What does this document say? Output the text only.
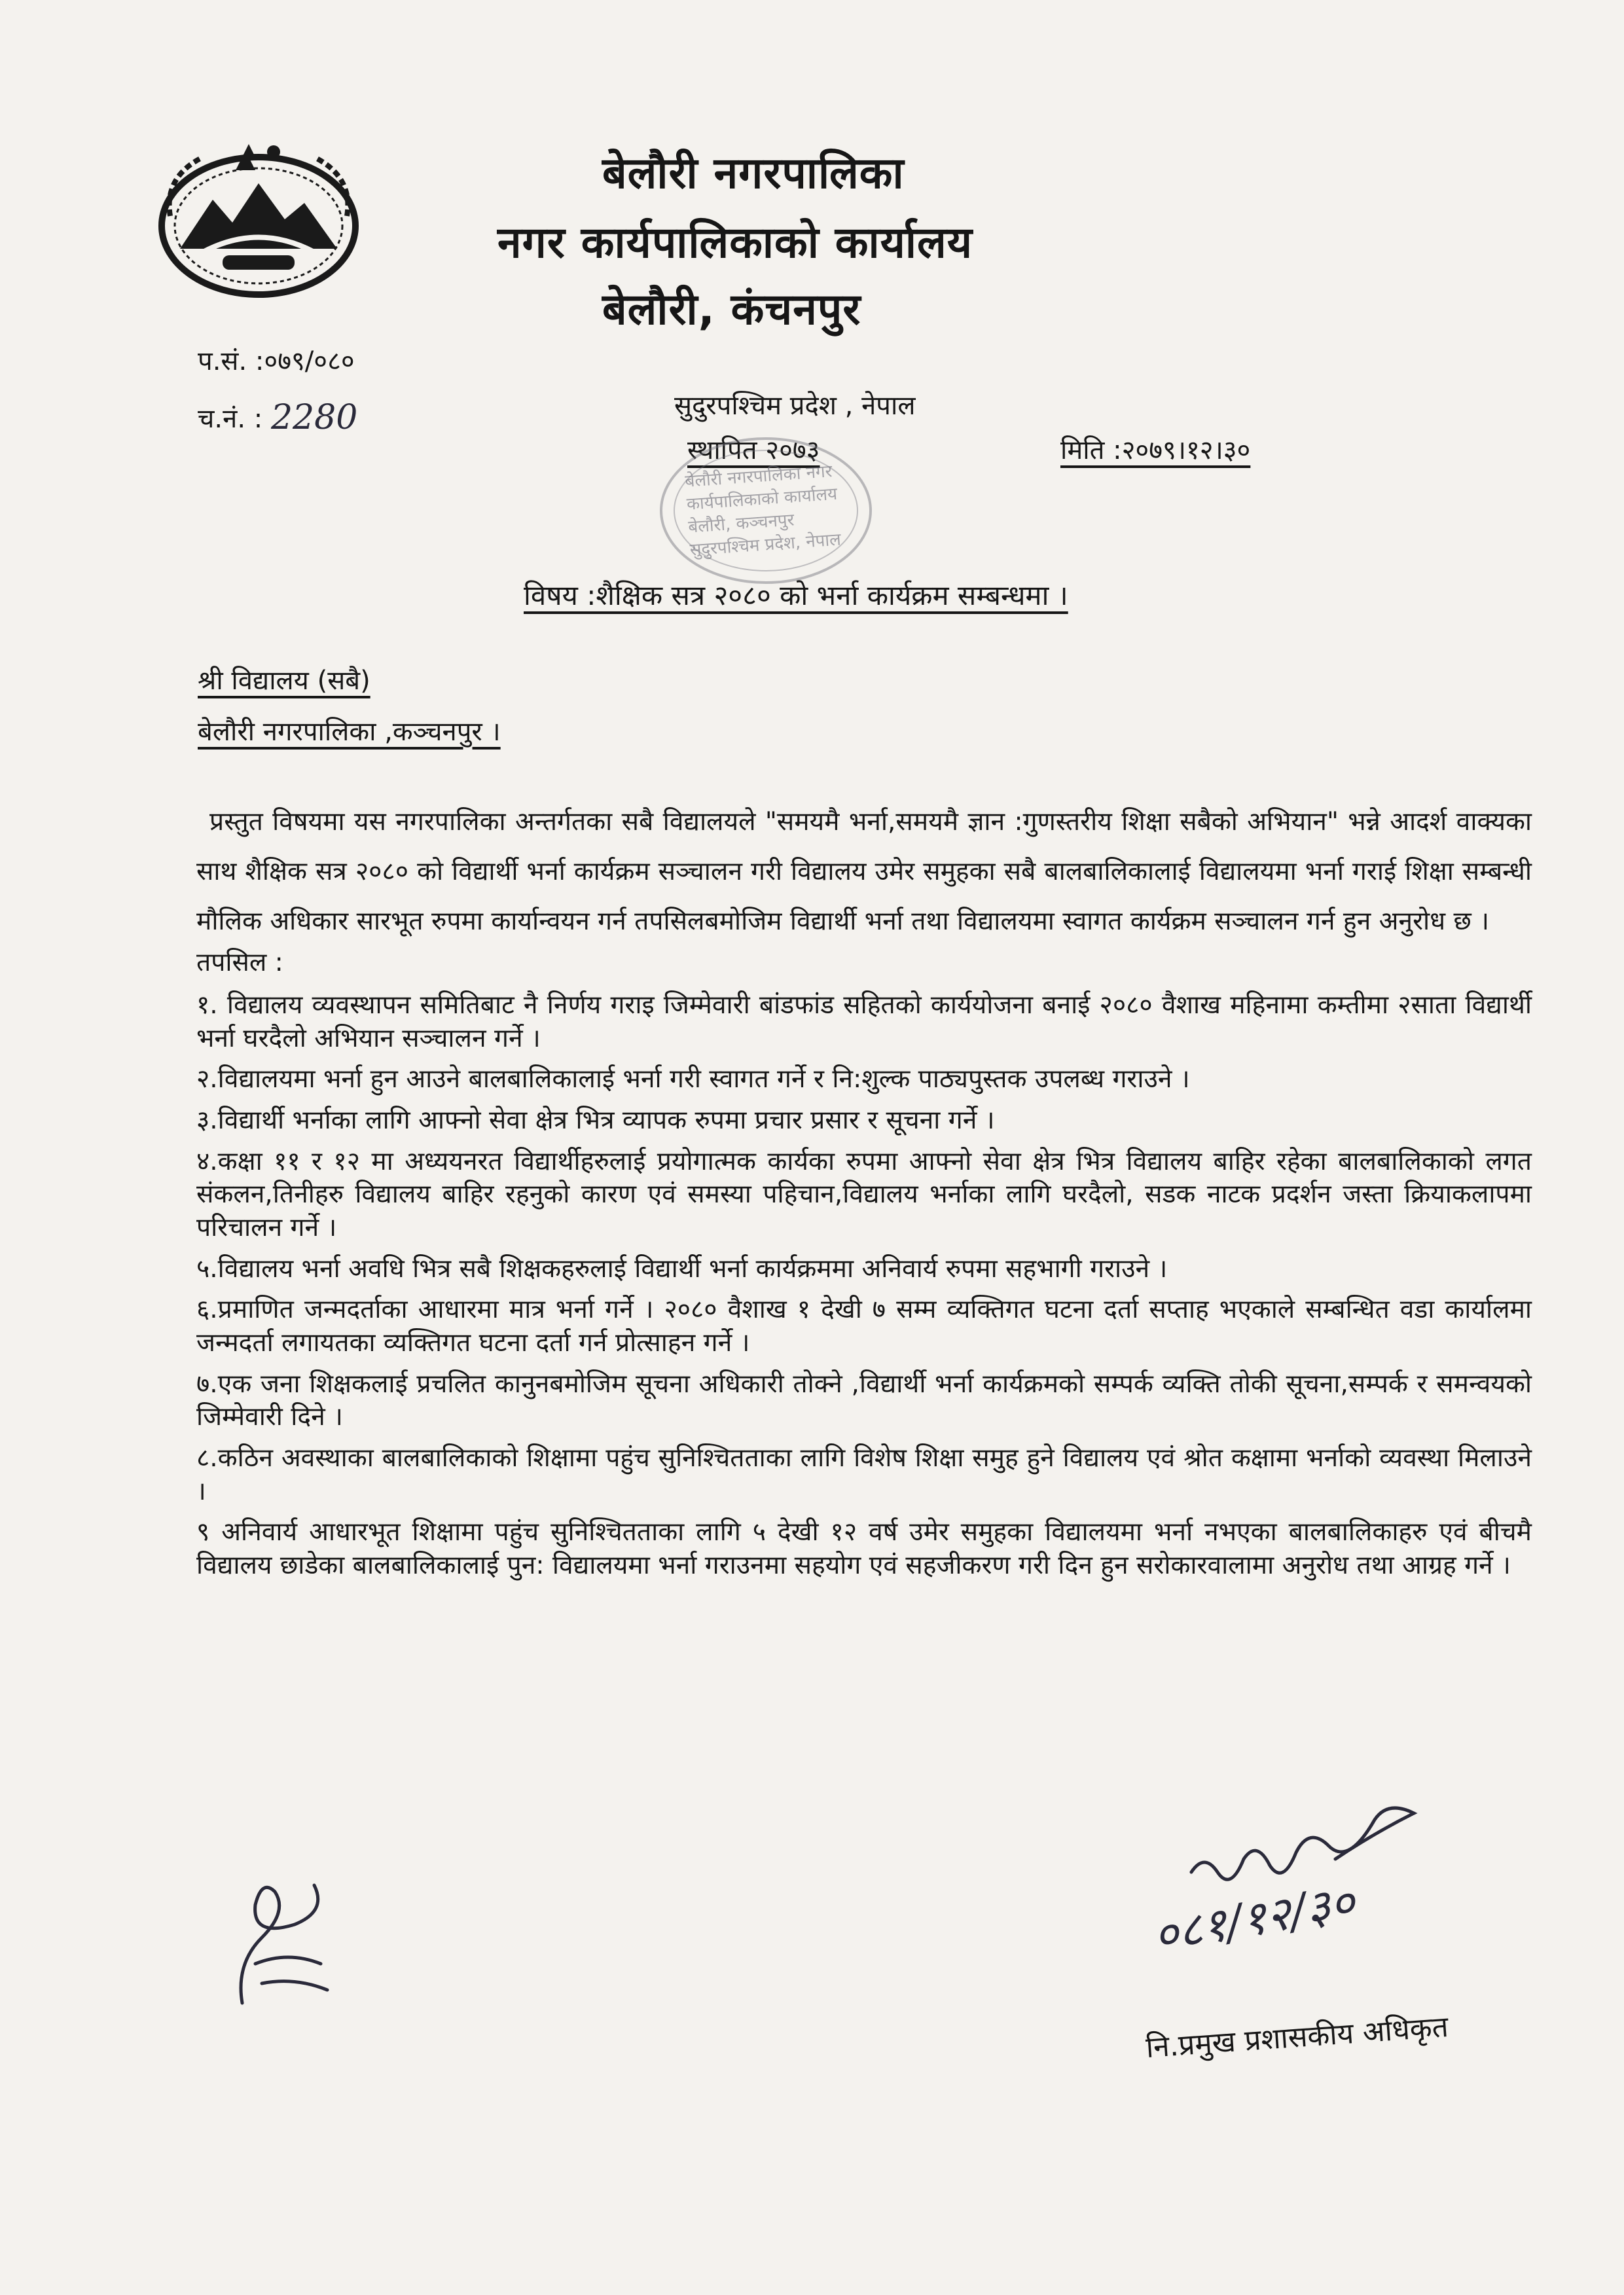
बेलौरी नगरपालिका
नगर कार्यपालिकाको कार्यालय
बेलौरी, कंचनपुर
प.सं. :०७९/०८०
च.नं. : 2280	सुदुरपश्चिम प्रदेश , नेपाल
स्थापित २०७३	मिति :२०७९।१२।३०
बेलौरी नगरपालिका नगर कार्यपालिकाको कार्यालय बेलौरी, कञ्चनपुर सुदुरपश्चिम प्रदेश, नेपाल
विषय :शैक्षिक सत्र २०८० को भर्ना कार्यक्रम सम्बन्धमा ।
श्री विद्यालय (सबै)
बेलौरी नगरपालिका ,कञ्चनपुर ।

प्रस्तुत विषयमा यस नगरपालिका अन्तर्गतका सबै विद्यालयले "समयमै भर्ना,समयमै ज्ञान :गुणस्तरीय शिक्षा सबैको अभियान" भन्ने आदर्श वाक्यका साथ शैक्षिक सत्र २०८० को विद्यार्थी भर्ना कार्यक्रम सञ्चालन गरी विद्यालय उमेर समुहका सबै बालबालिकालाई विद्यालयमा भर्ना गराई शिक्षा सम्बन्धी मौलिक अधिकार सारभूत रुपमा कार्यान्वयन गर्न तपसिलबमोजिम विद्यार्थी भर्ना तथा विद्यालयमा स्वागत कार्यक्रम सञ्चालन गर्न हुन अनुरोध छ ।

तपसिल :

१. विद्यालय व्यवस्थापन समितिबाट नै निर्णय गराइ जिम्मेवारी बांडफांड सहितको कार्ययोजना बनाई २०८० वैशाख महिनामा कम्तीमा २साता विद्यार्थी भर्ना घरदैलो अभियान सञ्चालन गर्ने ।

२.विद्यालयमा भर्ना हुन आउने बालबालिकालाई भर्ना गरी स्वागत गर्ने र नि:शुल्क पाठ्यपुस्तक उपलब्ध गराउने ।

३.विद्यार्थी भर्नाका लागि आफ्नो सेवा क्षेत्र भित्र व्यापक रुपमा प्रचार प्रसार र सूचना गर्ने ।

४.कक्षा ११ र १२ मा अध्ययनरत विद्यार्थीहरुलाई प्रयोगात्मक कार्यका रुपमा आफ्नो सेवा क्षेत्र भित्र विद्यालय बाहिर रहेका बालबालिकाको लगत संकलन,तिनीहरु विद्यालय बाहिर रहनुको कारण एवं समस्या पहिचान,विद्यालय भर्नाका लागि घरदैलो, सडक नाटक प्रदर्शन जस्ता क्रियाकलापमा परिचालन गर्ने ।

५.विद्यालय भर्ना अवधि भित्र सबै शिक्षकहरुलाई विद्यार्थी भर्ना कार्यक्रममा अनिवार्य रुपमा सहभागी गराउने ।

६.प्रमाणित जन्मदर्ताका आधारमा मात्र भर्ना गर्ने । २०८० वैशाख १ देखी ७ सम्म व्यक्तिगत घटना दर्ता सप्ताह भएकाले सम्बन्धित वडा कार्यालमा जन्मदर्ता लगायतका व्यक्तिगत घटना दर्ता गर्न प्रोत्साहन गर्ने ।

७.एक जना शिक्षकलाई प्रचलित कानुनबमोजिम सूचना अधिकारी तोक्ने ,विद्यार्थी भर्ना कार्यक्रमको सम्पर्क व्यक्ति तोकी सूचना,सम्पर्क र समन्वयको जिम्मेवारी दिने ।

८.कठिन अवस्थाका बालबालिकाको शिक्षामा पहुंच सुनिश्चितताका लागि विशेष शिक्षा समुह हुने विद्यालय एवं श्रोत कक्षामा भर्नाको व्यवस्था मिलाउने ।

९ अनिवार्य आधारभूत शिक्षामा पहुंच सुनिश्चितताका लागि ५ देखी १२ वर्ष उमेर समुहका विद्यालयमा भर्ना नभएका बालबालिकाहरु एवं बीचमै विद्यालय छाडेका बालबालिकालाई पुन: विद्यालयमा भर्ना गराउनमा सहयोग एवं सहजीकरण गरी दिन हुन सरोकारवालामा अनुरोध तथा आग्रह गर्ने ।

०८१/१२/३०
नि.प्रमुख प्रशासकीय अधिकृत
